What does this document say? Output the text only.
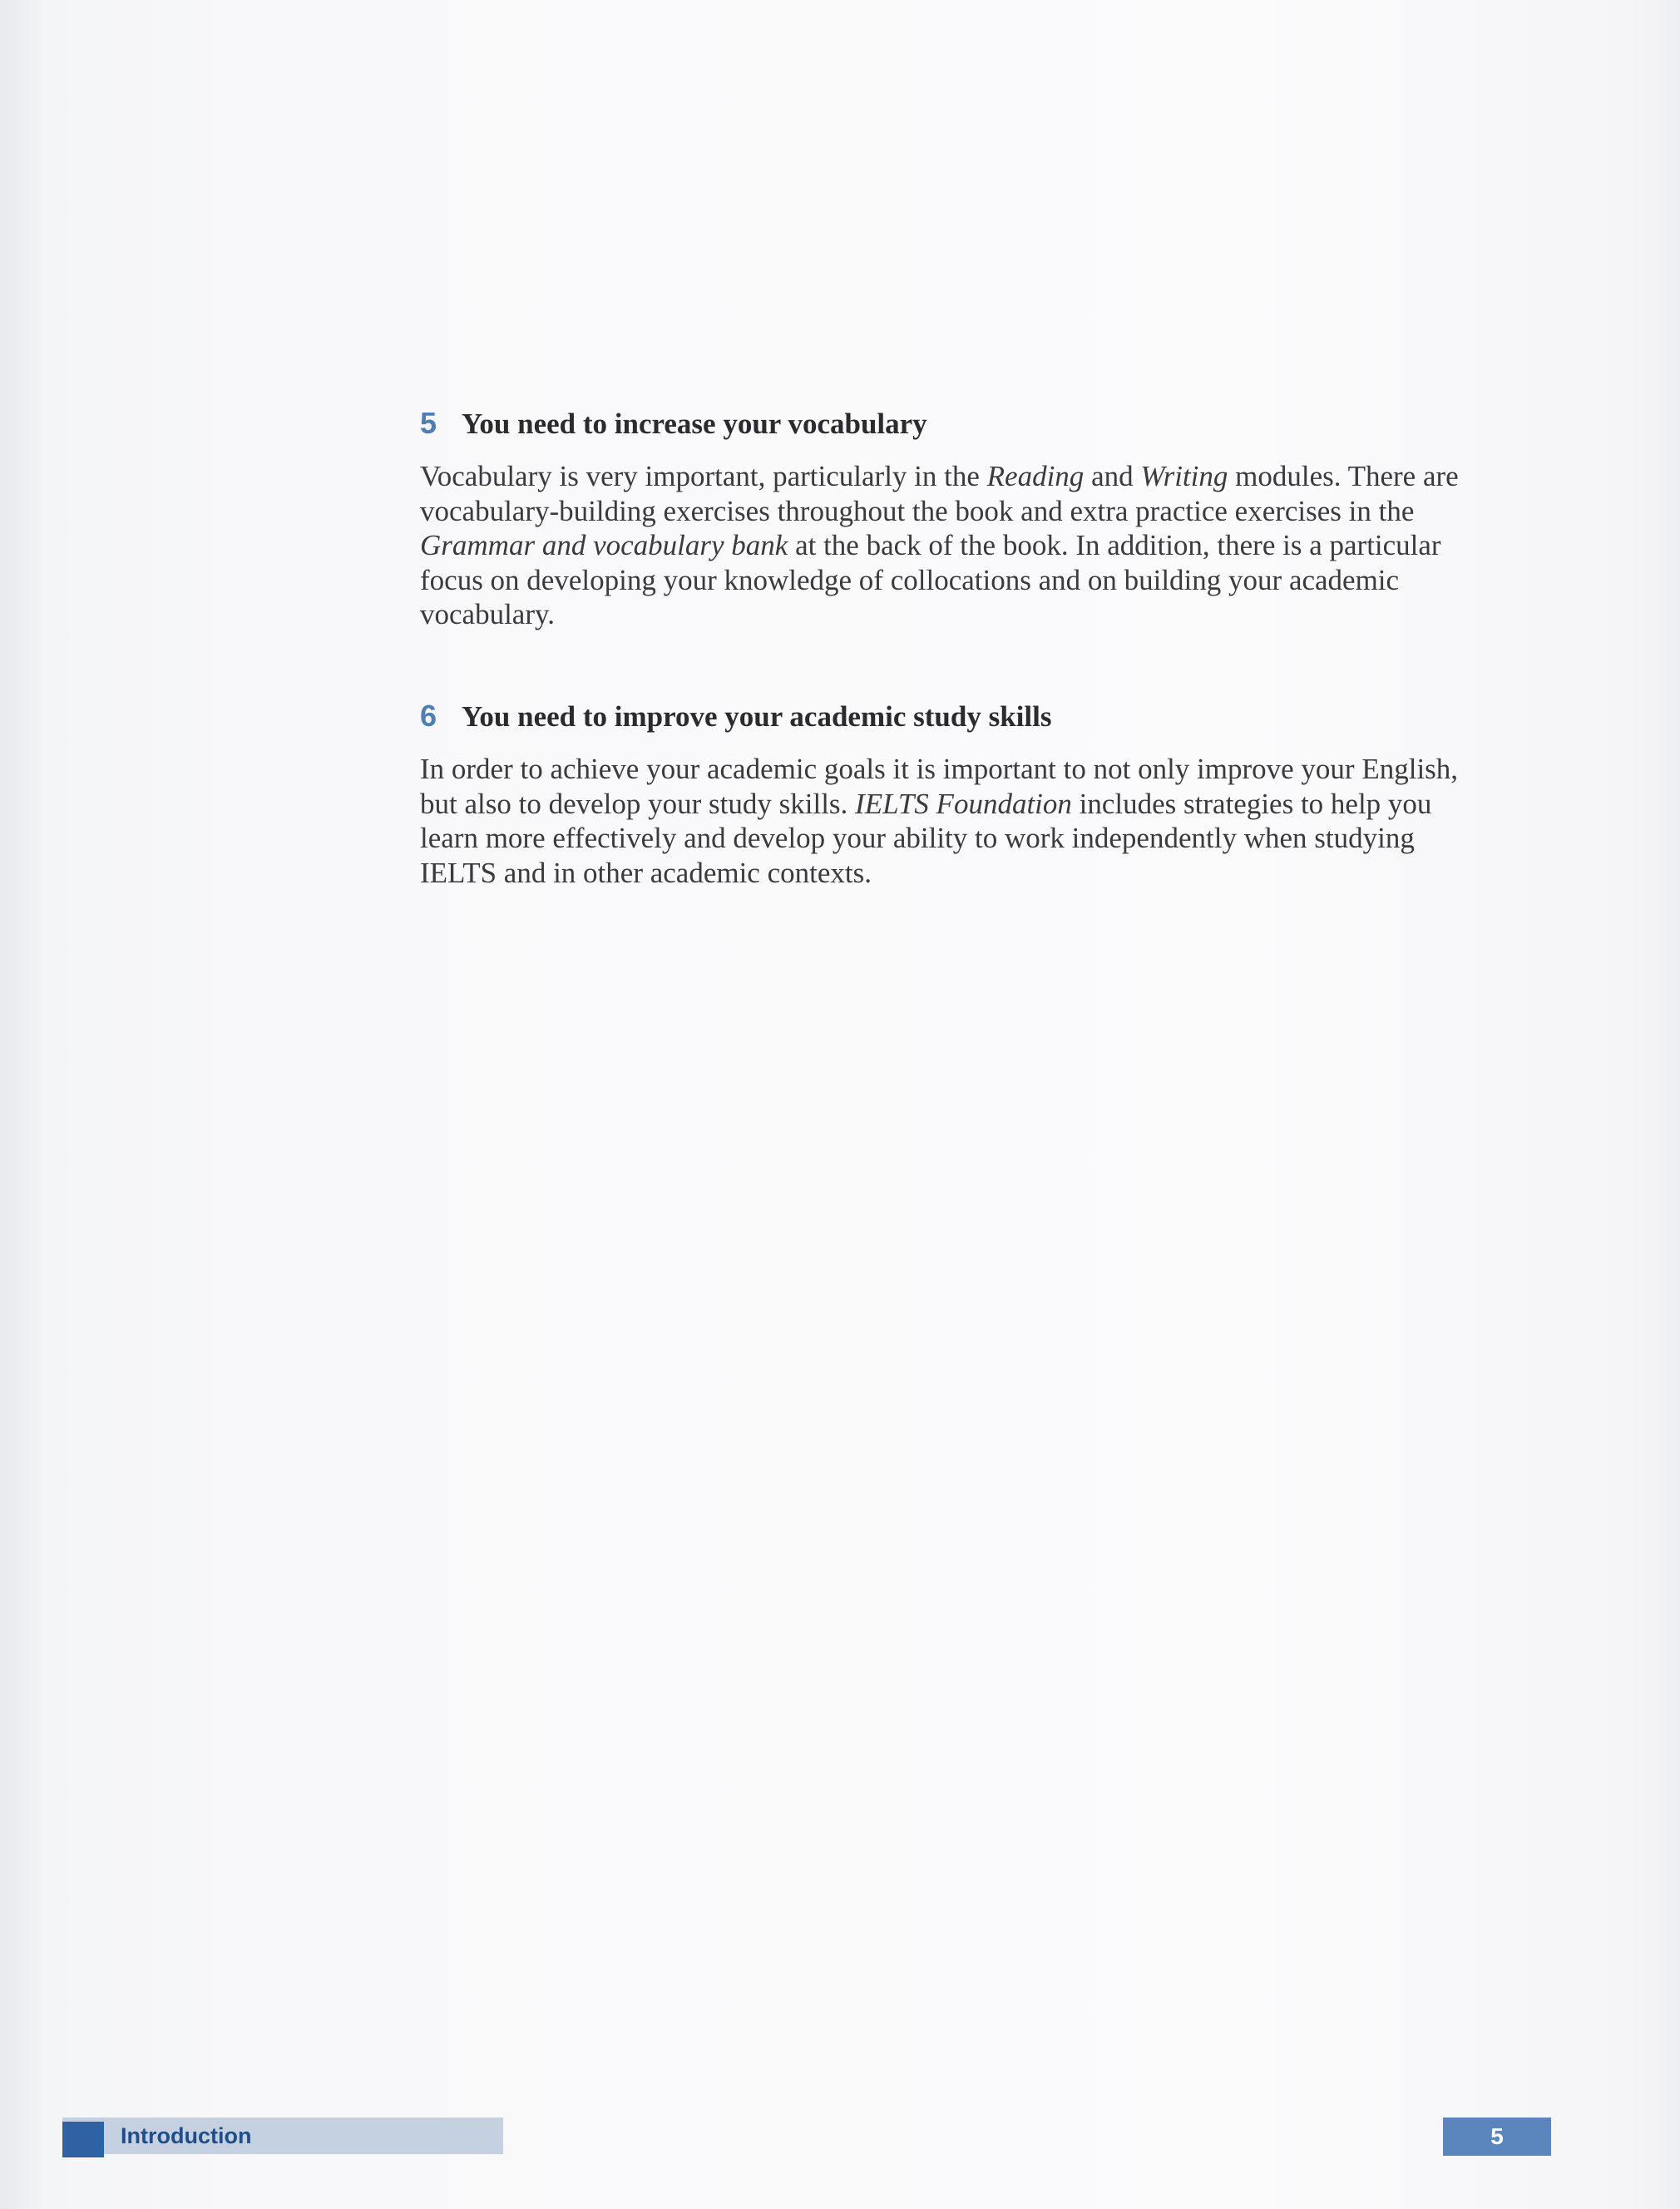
5 You need to increase your vocabulary

Vocabulary is very important, particularly in the Reading and Writing modules. There are vocabulary-building exercises throughout the book and extra practice exercises in the Grammar and vocabulary bank at the back of the book. In addition, there is a particular focus on developing your knowledge of collocations and on building your academic vocabulary.

6 You need to improve your academic study skills

In order to achieve your academic goals it is important to not only improve your English, but also to develop your study skills. IELTS Foundation includes strategies to help you learn more effectively and develop your ability to work independently when studying IELTS and in other academic contexts.

Introduction	5
